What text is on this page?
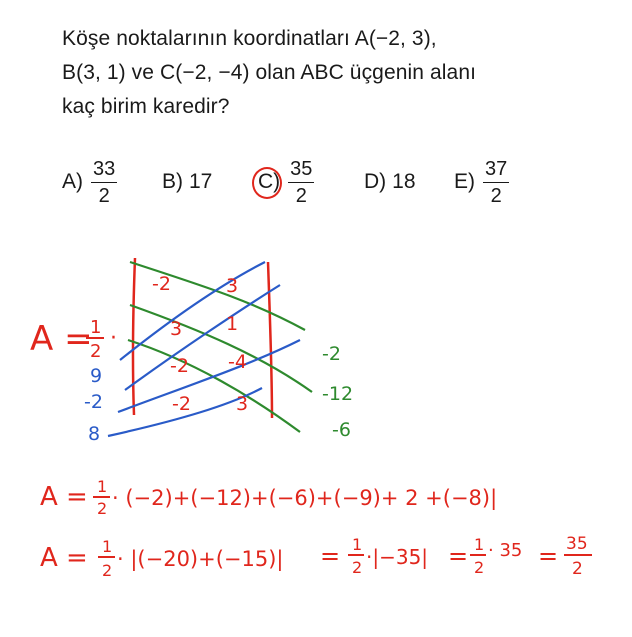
Köşe noktalarının koordinatları A(−2, 3),
B(3, 1) ve C(−2, −4) olan ABC üçgenin alanı
kaç birim karedir?
$A) \frac{33}{2} B$) 17 $C) \frac{35}{2} D$) 18 $E) \frac{37}{2}$
-2	3
3 1
-2 -4
-2 3
9
-2
8
-2
-12
-6
A =
1
2
·
A = 1
2 · (−2)+(−12)+(−6)+(−9)+ 2 +(−8)|
A = 1
2 · |(−20)+(−15)| = 1
2 ·|−35| = 1
2
· 35 = 35
2
